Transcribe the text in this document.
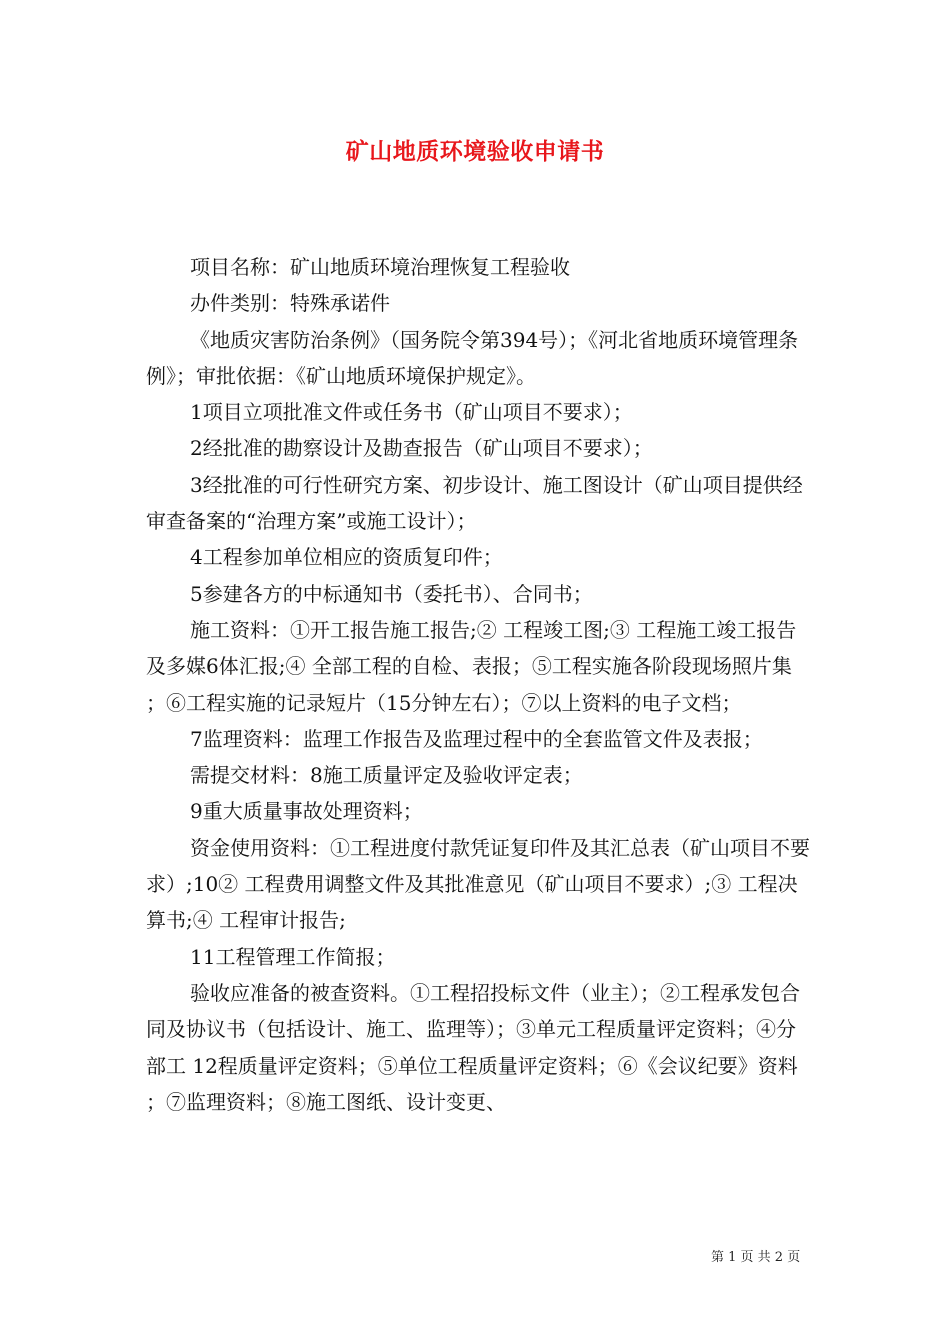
矿山地质环境验收申请书

项目名称：矿山地质环境治理恢复工程验收

办件类别：特殊承诺件

《地质灾害防治条例》（国务院令第394号）；《河北省地质环境管理条例》；审批依据：《矿山地质环境保护规定》。

1项目立项批准文件或任务书（矿山项目不要求）；

2经批准的勘察设计及勘查报告（矿山项目不要求）；

3经批准的可行性研究方案、初步设计、施工图设计（矿山项目提供经审查备案的“治理方案”或施工设计）；

4工程参加单位相应的资质复印件；

5参建各方的中标通知书（委托书）、合同书；

施工资料：①开工报告施工报告;② 工程竣工图;③ 工程施工竣工报告及多媒6体汇报;④ 全部工程的自检、表报；⑤工程实施各阶段现场照片集；⑥工程实施的记录短片（15分钟左右）；⑦以上资料的电子文档；

7监理资料：监理工作报告及监理过程中的全套监管文件及表报；

需提交材料：8施工质量评定及验收评定表；

9重大质量事故处理资料；

资金使用资料：①工程进度付款凭证复印件及其汇总表（矿山项目不要求）;10② 工程费用调整文件及其批准意见（矿山项目不要求）;③ 工程决算书;④ 工程审计报告;

11工程管理工作简报；

验收应准备的被查资料。①工程招投标文件（业主）；②工程承发包合同及协议书（包括设计、施工、监理等）；③单元工程质量评定资料；④分部工 12程质量评定资料；⑤单位工程质量评定资料；⑥《会议纪要》资料；⑦监理资料；⑧施工图纸、设计变更、

第 1 页 共 2 页
